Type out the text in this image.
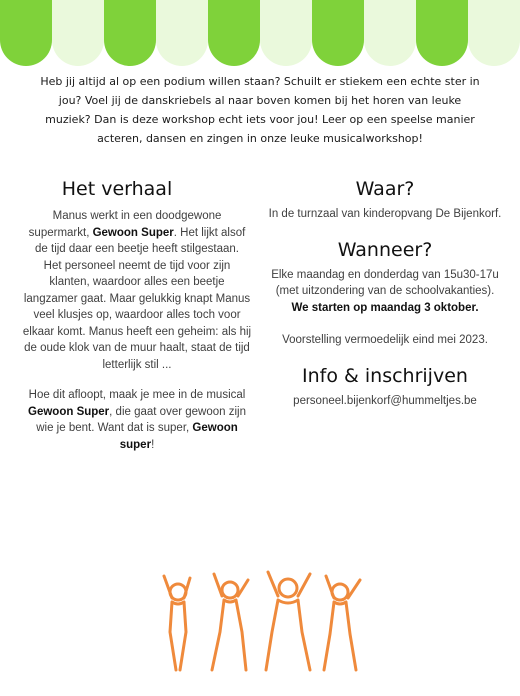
Heb jij altijd al op een podium willen staan? Schuilt er stiekem een echte ster in jou? Voel jij de danskriebels al naar boven komen bij het horen van leuke muziek? Dan is deze workshop echt iets voor jou! Leer op een speelse manier acteren, dansen en zingen in onze leuke musicalworkshop!
Het verhaal
Manus werkt in een doodgewone supermarkt, Gewoon Super. Het lijkt alsof de tijd daar een beetje heeft stilgestaan.
Het personeel neemt de tijd voor zijn klanten, waardoor alles een beetje langzamer gaat. Maar gelukkig knapt Manus veel klusjes op, waardoor alles toch voor elkaar komt. Manus heeft een geheim: als hij de oude klok van de muur haalt, staat de tijd letterlijk stil ...
Hoe dit afloopt, maak je mee in de musical Gewoon Super, die gaat over gewoon zijn wie je bent. Want dat is super, Gewoon super!
Waar?
In de turnzaal van kinderopvang De Bijenkorf.
Wanneer?
Elke maandag en donderdag van 15u30-17u (met uitzondering van de schoolvakanties).
We starten op maandag 3 oktober.
Voorstelling vermoedelijk eind mei 2023.
Info & inschrijven
personeel.bijenkorf@hummeltjes.be
